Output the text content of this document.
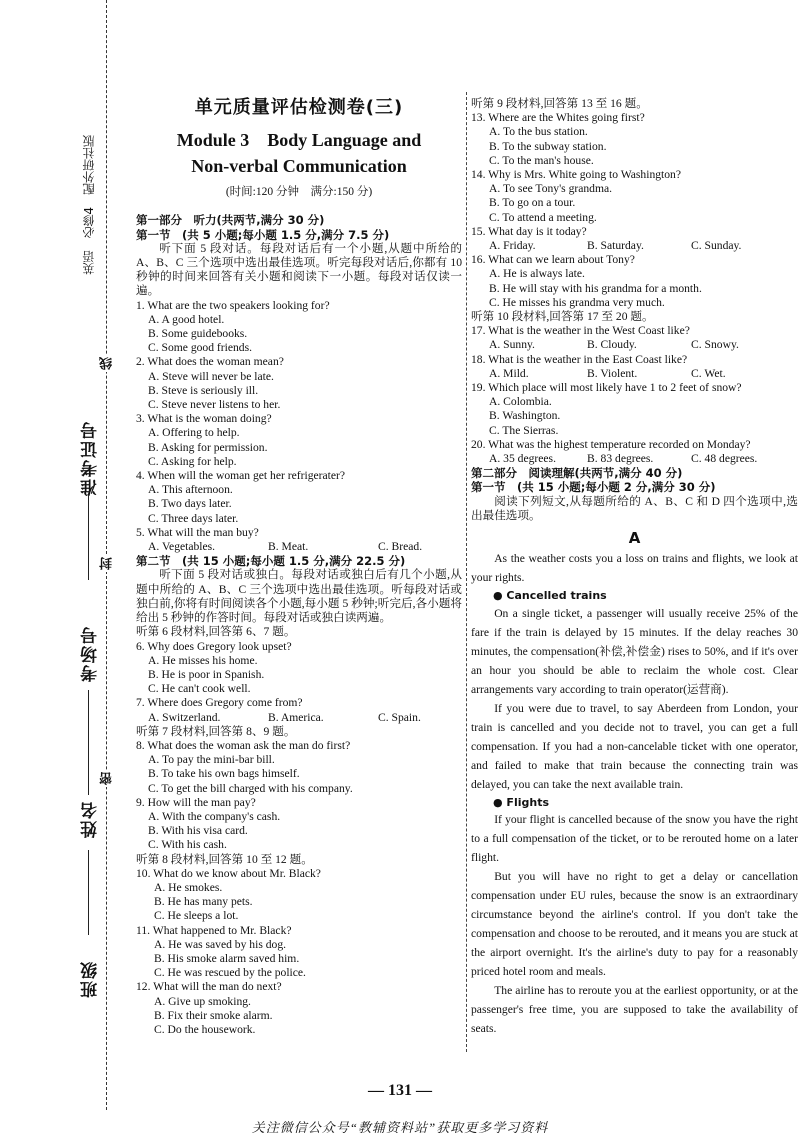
英语　必修4　配外研社版
准考证号
考场号
姓名
班级
线
封
密
单元质量评估检测卷(三)
Module 3　Body Language and
Non-verbal Communication
(时间:120 分钟　满分:150 分)

第一部分　听力(共两节,满分 30 分)

第一节　(共 5 小题;每小题 1.5 分,满分 7.5 分)

听下面 5 段对话。每段对话后有一个小题,从题中所给的 A、B、C 三个选项中选出最佳选项。听完每段对话后,你都有 10 秒钟的时间来回答有关小题和阅读下一小题。每段对话仅读一遍。

1. What are the two speakers looking for?

A. A good hotel.

B. Some guidebooks.

C. Some good friends.

2. What does the woman mean?

A. Steve will never be late.

B. Steve is seriously ill.

C. Steve never listens to her.

3. What is the woman doing?

A. Offering to help.

B. Asking for permission.

C. Asking for help.

4. When will the woman get her refrigerater?

A. This afternoon.

B. Two days later.

C. Three days later.

5. What will the man buy?

A. Vegetables.	B. Meat.	C. Bread.

第二节　(共 15 小题;每小题 1.5 分,满分 22.5 分)

听下面 5 段对话或独白。每段对话或独白后有几个小题,从题中所给的 A、B、C 三个选项中选出最佳选项。听每段对话或独白前,你将有时间阅读各个小题,每小题 5 秒钟;听完后,各小题将给出 5 秒钟的作答时间。每段对话或独白读两遍。

听第 6 段材料,回答第 6、7 题。

6. Why does Gregory look upset?

A. He misses his home.

B. He is poor in Spanish.

C. He can't cook well.

7. Where does Gregory come from?

A. Switzerland.	B. America.	C. Spain.

听第 7 段材料,回答第 8、9 题。

8. What does the woman ask the man do first?

A. To pay the mini-bar bill.

B. To take his own bags himself.

C. To get the bill charged with his company.

9. How will the man pay?

A. With the company's cash.

B. With his visa card.

C. With his cash.

听第 8 段材料,回答第 10 至 12 题。

10. What do we know about Mr. Black?

A. He smokes.

B. He has many pets.

C. He sleeps a lot.

11. What happened to Mr. Black?

A. He was saved by his dog.

B. His smoke alarm saved him.

C. He was rescued by the police.

12. What will the man do next?

A. Give up smoking.

B. Fix their smoke alarm.

C. Do the housework.

听第 9 段材料,回答第 13 至 16 题。

13. Where are the Whites going first?

A. To the bus station.

B. To the subway station.

C. To the man's house.

14. Why is Mrs. White going to Washington?

A. To see Tony's grandma.

B. To go on a tour.

C. To attend a meeting.

15. What day is it today?

A. Friday.	B. Saturday.	C. Sunday.

16. What can we learn about Tony?

A. He is always late.

B. He will stay with his grandma for a month.

C. He misses his grandma very much.

听第 10 段材料,回答第 17 至 20 题。

17. What is the weather in the West Coast like?

A. Sunny.	B. Cloudy.	C. Snowy.

18. What is the weather in the East Coast like?

A. Mild.	B. Violent.	C. Wet.

19. Which place will most likely have 1 to 2 feet of snow?

A. Colombia.

B. Washington.

C. The Sierras.

20. What was the highest temperature recorded on Monday?

A. 35 degrees.	B. 83 degrees.	C. 48 degrees.

第二部分　阅读理解(共两节,满分 40 分)

第一节　(共 15 小题;每小题 2 分,满分 30 分)

阅读下列短文,从每题所给的 A、B、C 和 D 四个选项中,选出最佳选项。

A

As the weather costs you a loss on trains and flights, we look at your rights.

● Cancelled trains

On a single ticket, a passenger will usually receive 25% of the fare if the train is delayed by 15 minutes. If the delay reaches 30 minutes, the compensation(补偿,补偿金) rises to 50%, and if it's over an hour you should be able to reclaim the whole cost. Clear arrangements vary according to train operator(运营商).

If you were due to travel, to say Aberdeen from London, your train is cancelled and you decide not to travel, you can get a full compensation. If you had a non-cancelable ticket with one operator, and failed to make that train because the connecting train was delayed, you can take the next available train.

● Flights

If your flight is cancelled because of the snow you have the right to a full compensation of the ticket, or to be rerouted home on a later flight.

But you will have no right to get a delay or cancellation compensation under EU rules, because the snow is an extraordinary circumstance beyond the airline's control. If you don't take the compensation and choose to be rerouted, and it means you are stuck at the airport overnight. It's the airline's duty to pay for a reasonably priced hotel room and meals.

The airline has to reroute you at the earliest opportunity, or at the passenger's free time, you are supposed to take the availability of seats.

— 131 —
关注微信公众号“教辅资料站”获取更多学习资料
